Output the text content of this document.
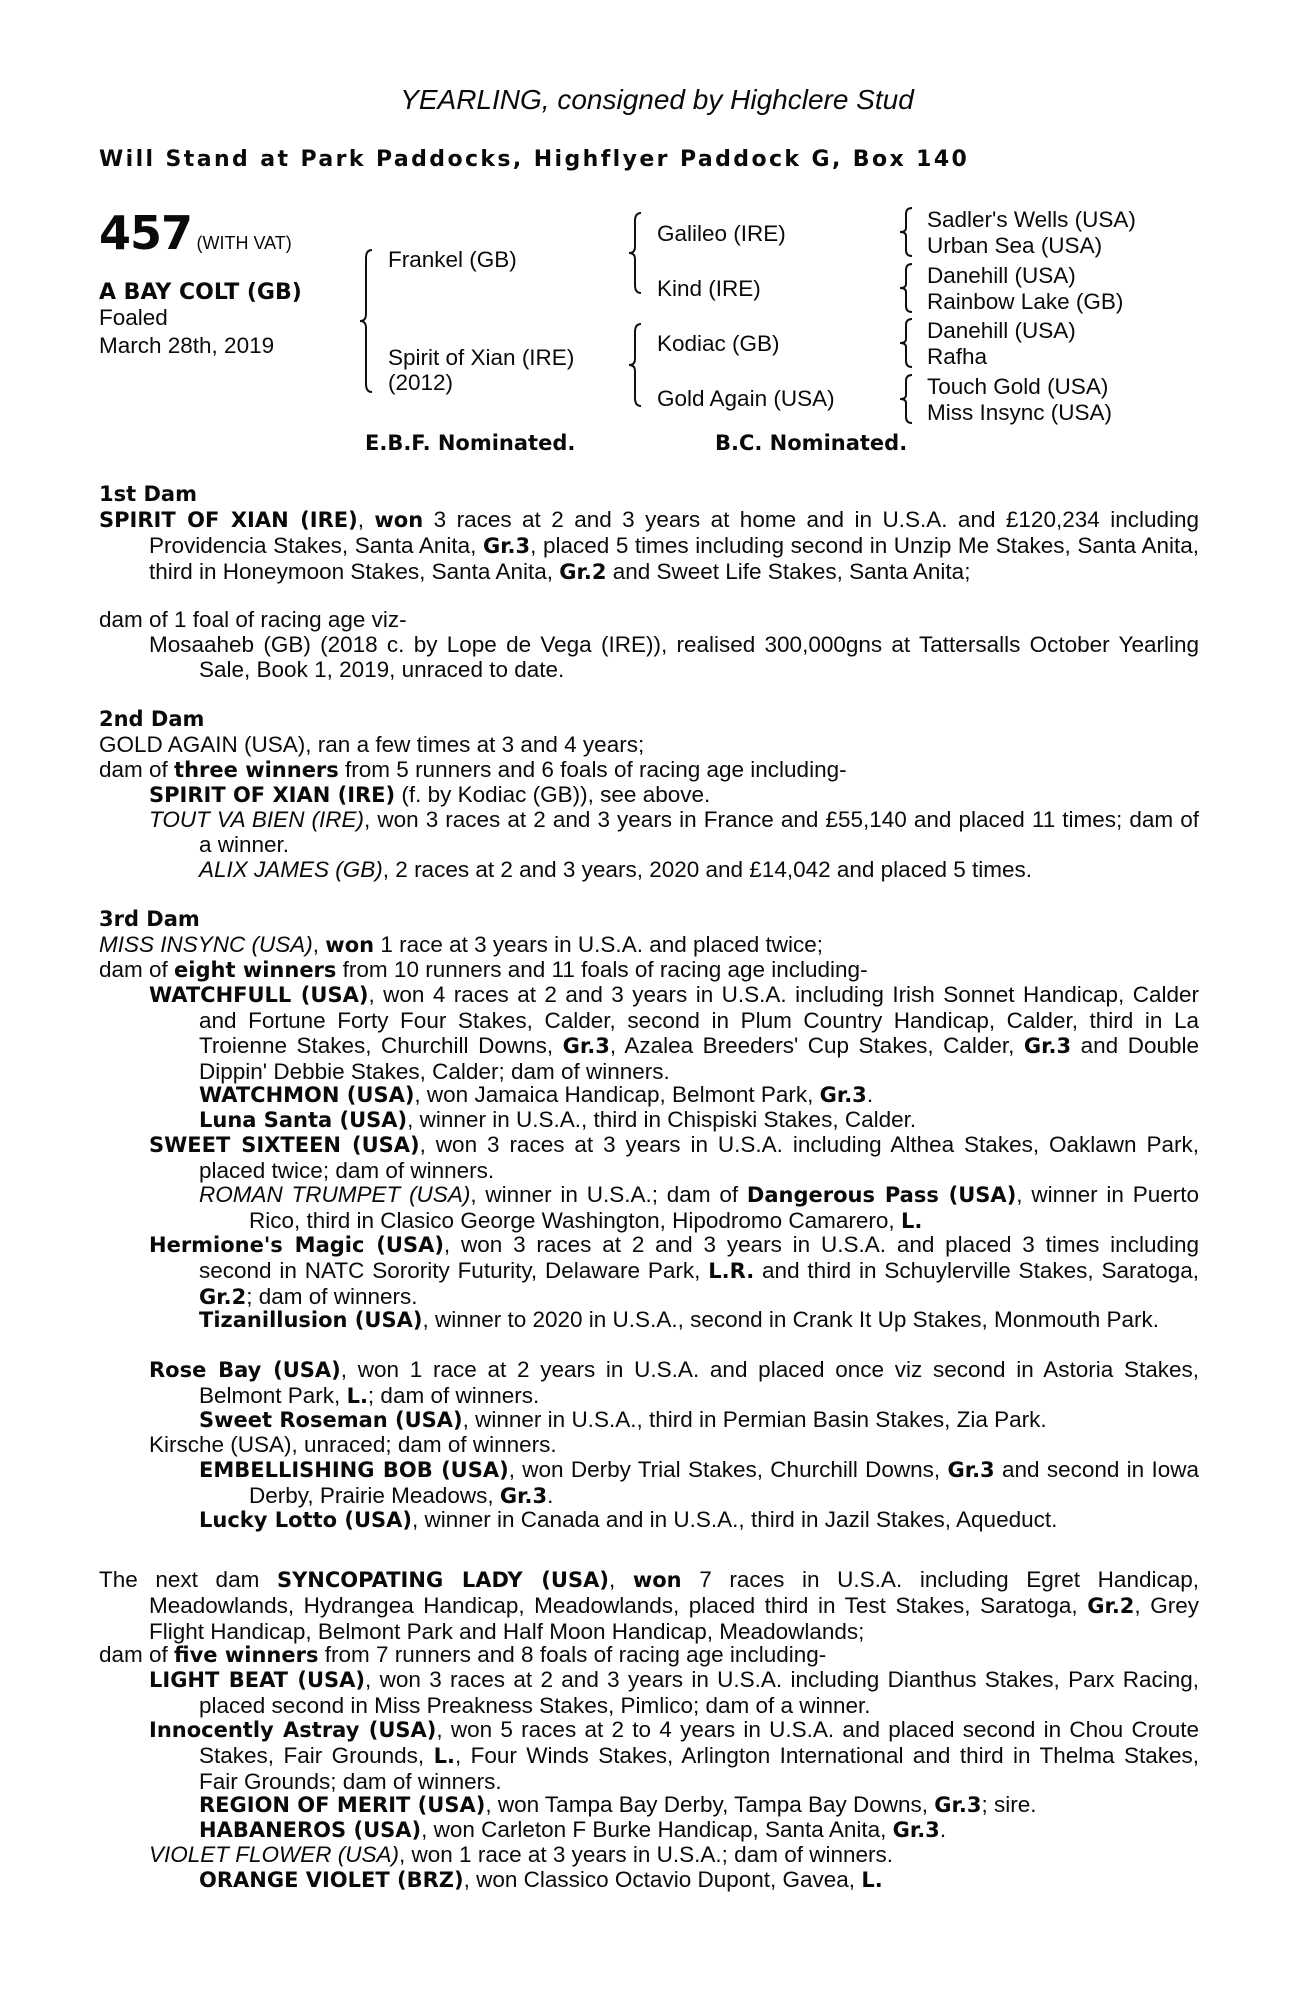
YEARLING, consigned by Highclere Stud
Will Stand at Park Paddocks, Highflyer Paddock G, Box 140
457 (WITH VAT)
A BAY COLT (GB)
Foaled
March 28th, 2019
Frankel (GB)
Spirit of Xian (IRE)
(2012)
Galileo (IRE)
Kind (IRE)
Kodiac (GB)
Gold Again (USA)
Sadler's Wells (USA)
Urban Sea (USA)
Danehill (USA)
Rainbow Lake (GB)
Danehill (USA)
Rafha
Touch Gold (USA)
Miss Insync (USA)
E.B.F. Nominated.	B.C. Nominated.
1st Dam
SPIRIT OF XIAN (IRE), won 3 races at 2 and 3 years at home and in U.S.A. and £120,234 including Providencia Stakes, Santa Anita, Gr.3, placed 5 times including second in Unzip Me Stakes, Santa Anita, third in Honeymoon Stakes, Santa Anita, Gr.2 and Sweet Life Stakes, Santa Anita;
dam of 1 foal of racing age viz-
Mosaaheb (GB) (2018 c. by Lope de Vega (IRE)), realised 300,000gns at Tattersalls October Yearling Sale, Book 1, 2019, unraced to date.
2nd Dam
GOLD AGAIN (USA), ran a few times at 3 and 4 years;
dam of three winners from 5 runners and 6 foals of racing age including-
SPIRIT OF XIAN (IRE) (f. by Kodiac (GB)), see above.
TOUT VA BIEN (IRE), won 3 races at 2 and 3 years in France and £55,140 and placed 11 times; dam of a winner.
ALIX JAMES (GB), 2 races at 2 and 3 years, 2020 and £14,042 and placed 5 times.
3rd Dam
MISS INSYNC (USA), won 1 race at 3 years in U.S.A. and placed twice;
dam of eight winners from 10 runners and 11 foals of racing age including-
WATCHFULL (USA), won 4 races at 2 and 3 years in U.S.A. including Irish Sonnet Handicap, Calder and Fortune Forty Four Stakes, Calder, second in Plum Country Handicap, Calder, third in La Troienne Stakes, Churchill Downs, Gr.3, Azalea Breeders' Cup Stakes, Calder, Gr.3 and Double Dippin' Debbie Stakes, Calder; dam of winners.
WATCHMON (USA), won Jamaica Handicap, Belmont Park, Gr.3.
Luna Santa (USA), winner in U.S.A., third in Chispiski Stakes, Calder.
SWEET SIXTEEN (USA), won 3 races at 3 years in U.S.A. including Althea Stakes, Oaklawn Park, placed twice; dam of winners.
ROMAN TRUMPET (USA), winner in U.S.A.; dam of Dangerous Pass (USA), winner in Puerto Rico, third in Clasico George Washington, Hipodromo Camarero, L.
Hermione's Magic (USA), won 3 races at 2 and 3 years in U.S.A. and placed 3 times including second in NATC Sorority Futurity, Delaware Park, L.R. and third in Schuylerville Stakes, Saratoga, Gr.2; dam of winners.
Tizanillusion (USA), winner to 2020 in U.S.A., second in Crank It Up Stakes, Monmouth Park.
Rose Bay (USA), won 1 race at 2 years in U.S.A. and placed once viz second in Astoria Stakes, Belmont Park, L.; dam of winners.
Sweet Roseman (USA), winner in U.S.A., third in Permian Basin Stakes, Zia Park.
Kirsche (USA), unraced; dam of winners.
EMBELLISHING BOB (USA), won Derby Trial Stakes, Churchill Downs, Gr.3 and second in Iowa Derby, Prairie Meadows, Gr.3.
Lucky Lotto (USA), winner in Canada and in U.S.A., third in Jazil Stakes, Aqueduct.
The next dam SYNCOPATING LADY (USA), won 7 races in U.S.A. including Egret Handicap, Meadowlands, Hydrangea Handicap, Meadowlands, placed third in Test Stakes, Saratoga, Gr.2, Grey Flight Handicap, Belmont Park and Half Moon Handicap, Meadowlands;
dam of five winners from 7 runners and 8 foals of racing age including-
LIGHT BEAT (USA), won 3 races at 2 and 3 years in U.S.A. including Dianthus Stakes, Parx Racing, placed second in Miss Preakness Stakes, Pimlico; dam of a winner.
Innocently Astray (USA), won 5 races at 2 to 4 years in U.S.A. and placed second in Chou Croute Stakes, Fair Grounds, L., Four Winds Stakes, Arlington International and third in Thelma Stakes, Fair Grounds; dam of winners.
REGION OF MERIT (USA), won Tampa Bay Derby, Tampa Bay Downs, Gr.3; sire.
HABANEROS (USA), won Carleton F Burke Handicap, Santa Anita, Gr.3.
VIOLET FLOWER (USA), won 1 race at 3 years in U.S.A.; dam of winners.
ORANGE VIOLET (BRZ), won Classico Octavio Dupont, Gavea, L.
